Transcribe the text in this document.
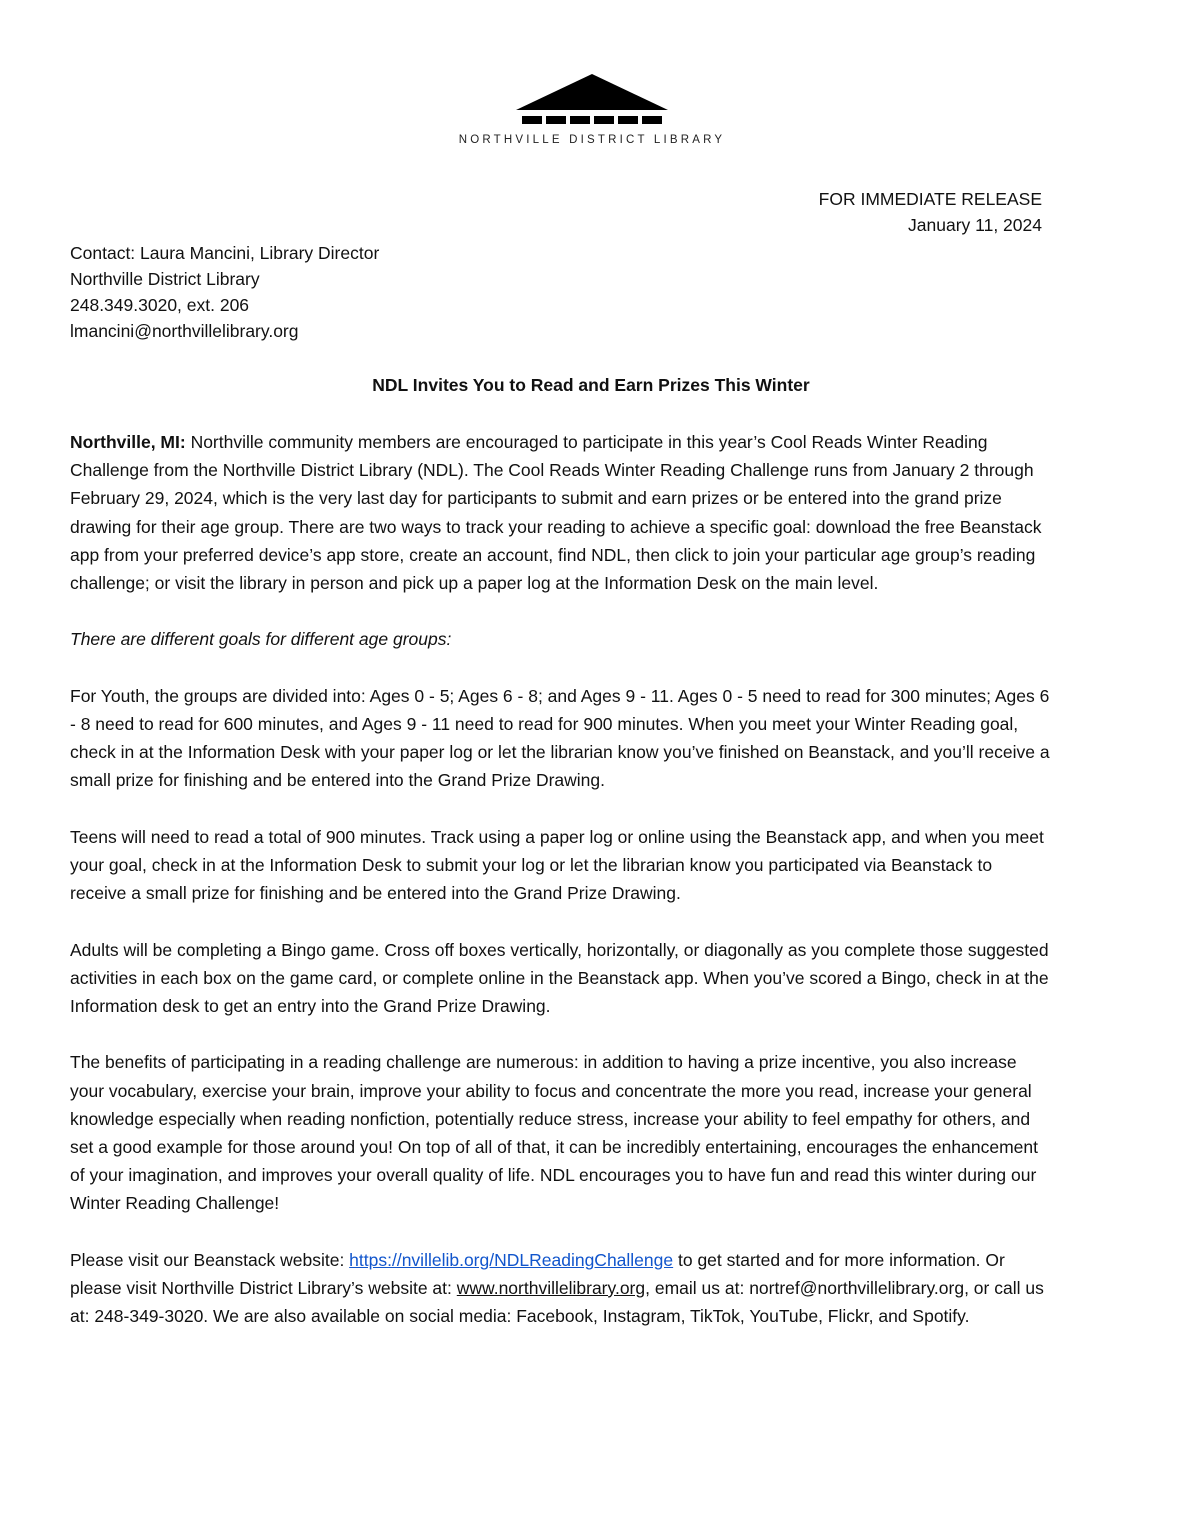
NORTHVILLE DISTRICT LIBRARY
FOR IMMEDIATE RELEASE
January 11, 2024
Contact: Laura Mancini, Library Director
Northville District Library
248.349.3020, ext. 206
lmancini@northvillelibrary.org
NDL Invites You to Read and Earn Prizes This Winter

Northville, MI: Northville community members are encouraged to participate in this year’s Cool Reads Winter Reading Challenge from the Northville District Library (NDL). The Cool Reads Winter Reading Challenge runs from January 2 through February 29, 2024, which is the very last day for participants to submit and earn prizes or be entered into the grand prize drawing for their age group. There are two ways to track your reading to achieve a specific goal: download the free Beanstack app from your preferred device’s app store, create an account, find NDL, then click to join your particular age group’s reading challenge; or visit the library in person and pick up a paper log at the Information Desk on the main level.

There are different goals for different age groups:

For Youth, the groups are divided into: Ages 0 - 5; Ages 6 - 8; and Ages 9 - 11. Ages 0 - 5 need to read for 300 minutes; Ages 6 - 8 need to read for 600 minutes, and Ages 9 - 11 need to read for 900 minutes. When you meet your Winter Reading goal, check in at the Information Desk with your paper log or let the librarian know you’ve finished on Beanstack, and you’ll receive a small prize for finishing and be entered into the Grand Prize Drawing.

Teens will need to read a total of 900 minutes. Track using a paper log or online using the Beanstack app, and when you meet your goal, check in at the Information Desk to submit your log or let the librarian know you participated via Beanstack to receive a small prize for finishing and be entered into the Grand Prize Drawing.

Adults will be completing a Bingo game. Cross off boxes vertically, horizontally, or diagonally as you complete those suggested activities in each box on the game card, or complete online in the Beanstack app. When you’ve scored a Bingo, check in at the Information desk to get an entry into the Grand Prize Drawing.

The benefits of participating in a reading challenge are numerous: in addition to having a prize incentive, you also increase your vocabulary, exercise your brain, improve your ability to focus and concentrate the more you read, increase your general knowledge especially when reading nonfiction, potentially reduce stress, increase your ability to feel empathy for others, and set a good example for those around you! On top of all of that, it can be incredibly entertaining, encourages the enhancement of your imagination, and improves your overall quality of life. NDL encourages you to have fun and read this winter during our Winter Reading Challenge!

Please visit our Beanstack website: https://nvillelib.org/NDLReadingChallenge to get started and for more information. Or please visit Northville District Library’s website at: www.northvillelibrary.org, email us at: nortref@northvillelibrary.org, or call us at: 248-349-3020. We are also available on social media: Facebook, Instagram, TikTok, YouTube, Flickr, and Spotify.
